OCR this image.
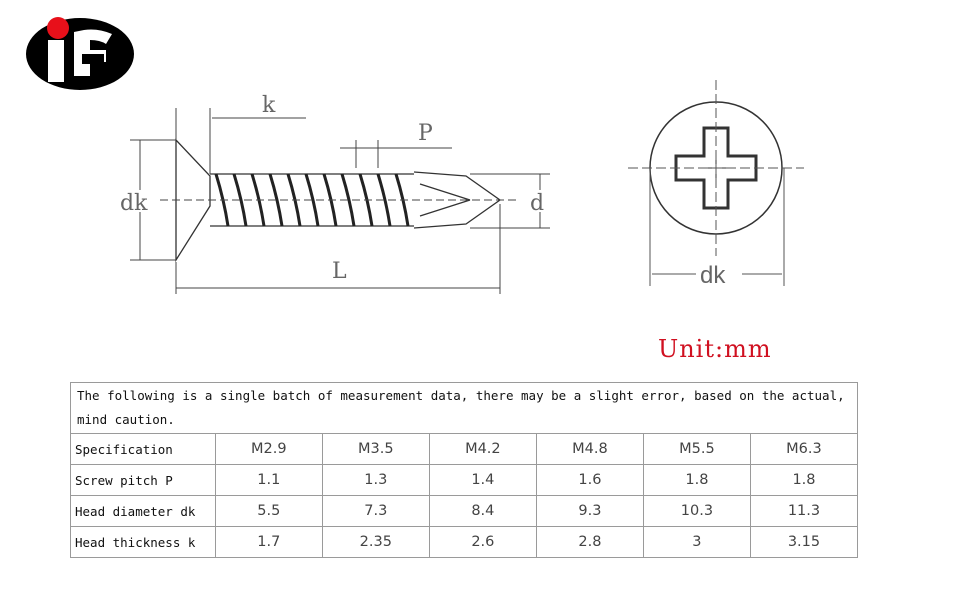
k
P
dk	d
L	dk
Unit:mm
The following is a single batch of measurement data, there may be a slight error, based on the actual, mind caution.						
Specification	M2.9	M3.5	M4.2	M4.8	M5.5	M6.3
Screw pitch P	1.1	1.3	1.4	1.6	1.8	1.8
Head diameter dk	5.5	7.3	8.4	9.3	10.3	11.3
Head thickness k	1.7	2.35	2.6	2.8	3	3.15
